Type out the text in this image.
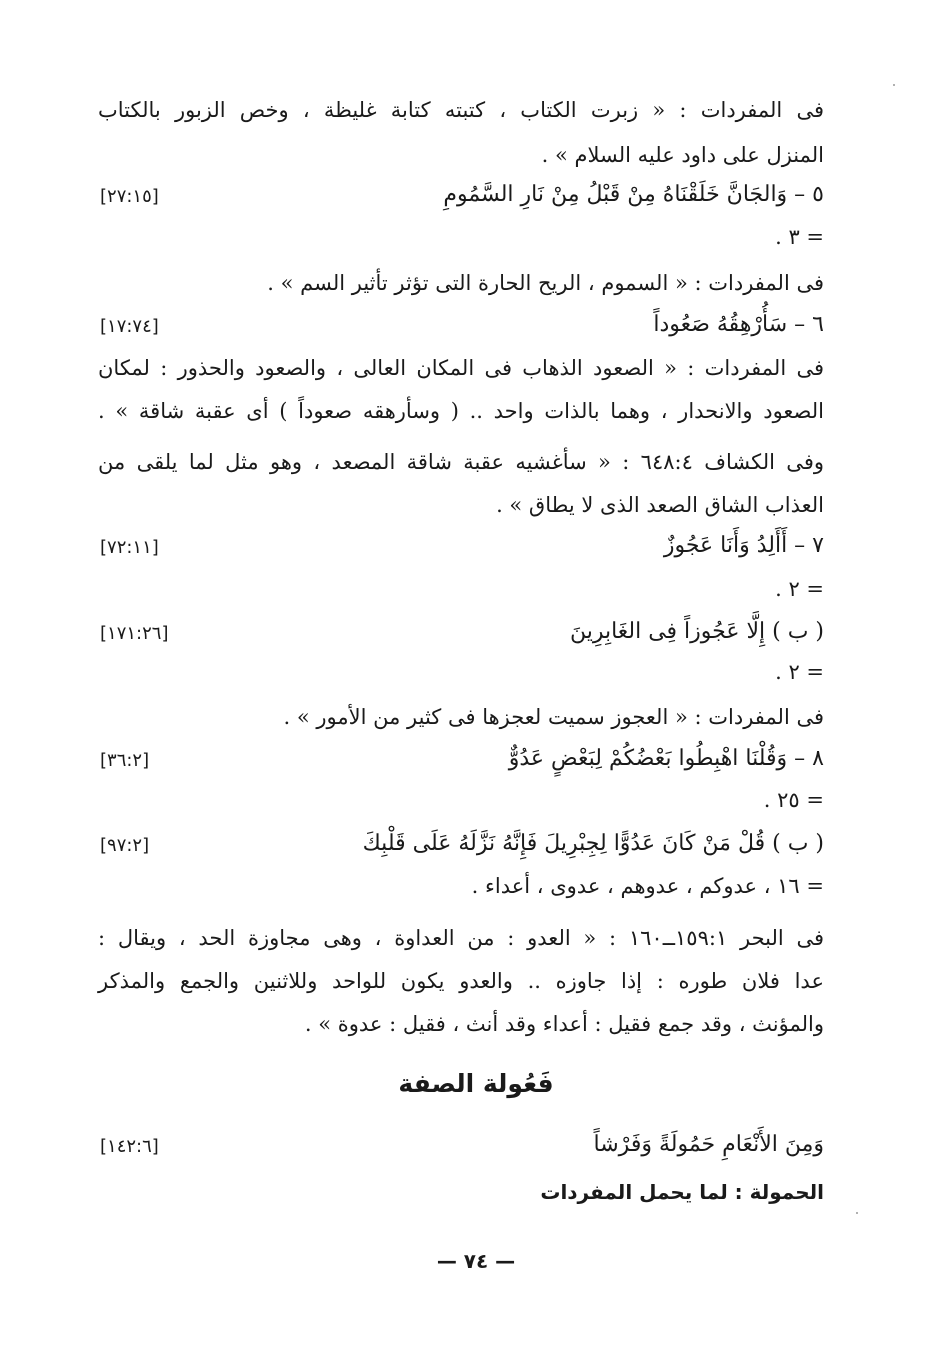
فى المفردات : « زبرت الكتاب ، كتبته كتابة غليظة ، وخص الزبور بالكتاب
المنزل على داود عليه السلام » .
٥ – وَالجَانَّ خَلَقْنَاهُ مِنْ قَبْلُ مِنْ نَارِ السَّمُومِ
[٢٧:١٥]
= ٣ .
فى المفردات : « السموم ، الريح الحارة التى تؤثر تأثير السم » .
٦ – سَأُرْهِقُهُ صَعُوداً
[١٧:٧٤]
فى المفردات : « الصعود الذهاب فى المكان العالى ، والصعود والحذور : لمكان
الصعود والانحدار ، وهما بالذات واحد .. ( وسأرهقه صعوداً ) أى عقبة شاقة » .
وفى الكشاف ٦٤٨:٤ : « سأغشيه عقبة شاقة المصعد ، وهو مثل لما يلقى من
العذاب الشاق الصعد الذى لا يطاق » .
٧ – أَأَلِدُ وَأَنَا عَجُوزٌ
[٧٢:١١]
= ٢ .
( ب ) إِلَّا عَجُوزاً فِى الغَابِرِينَ
[١٧١:٢٦]
= ٢ .
فى المفردات : « العجوز سميت لعجزها فى كثير من الأمور » .
٨ – وَقُلْنَا اهْبِطُوا بَعْضُكُمْ لِبَعْضٍ عَدُوٌّ
[٣٦:٢]
= ٢٥ .
( ب ) قُلْ مَنْ كَانَ عَدُوًّا لِجِبْرِيلَ فَإِنَّهُ نَزَّلَهُ عَلَى قَلْبِكَ
[٩٧:٢]
= ١٦ ، عدوكم ، عدوهم ، عدوى ، أعداء .
فى البحر ١٥٩:١ــ١٦٠ : « العدو : من العداوة ، وهى مجاوزة الحد ، ويقال :
عدا فلان طوره : إذا جاوزه .. والعدو يكون للواحد وللاثنين والجمع والمذكر
والمؤنث ، وقد جمع فقيل : أعداء وقد أنث ، فقيل : عدوة » .
فَعُولة الصفة
وَمِنَ الأَنْعَامِ حَمُولَةً وَفَرْشاً
[١٤٢:٦]
الحمولة : لما يحمل المفردات
— ٧٤ —
